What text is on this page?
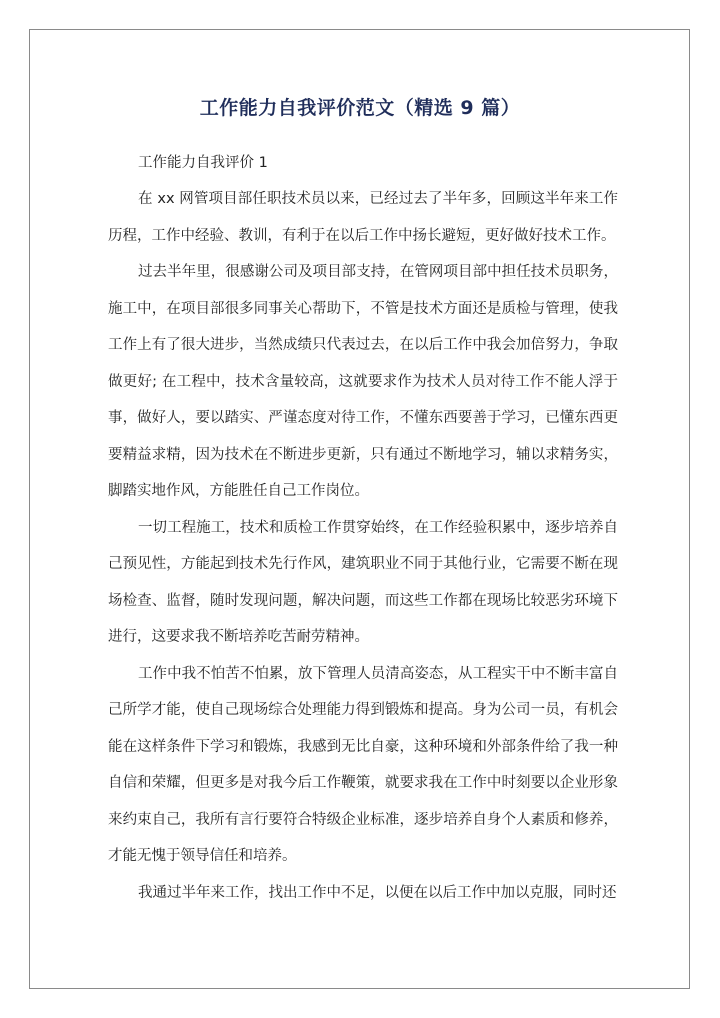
工作能力自我评价范文（精选 9 篇）

工作能力自我评价 1

在 xx 网管项目部任职技术员以来，已经过去了半年多，回顾这半年来工作历程，工作中经验、教训，有利于在以后工作中扬长避短，更好做好技术工作。

过去半年里，很感谢公司及项目部支持，在管网项目部中担任技术员职务，施工中，在项目部很多同事关心帮助下，不管是技术方面还是质检与管理，使我工作上有了很大进步，当然成绩只代表过去，在以后工作中我会加倍努力，争取做更好; 在工程中，技术含量较高，这就要求作为技术人员对待工作不能人浮于事，做好人，要以踏实、严谨态度对待工作，不懂东西要善于学习，已懂东西更要精益求精，因为技术在不断进步更新，只有通过不断地学习，辅以求精务实，脚踏实地作风，方能胜任自己工作岗位。

一切工程施工，技术和质检工作贯穿始终，在工作经验积累中，逐步培养自己预见性，方能起到技术先行作风，建筑职业不同于其他行业，它需要不断在现场检查、监督，随时发现问题，解决问题，而这些工作都在现场比较恶劣环境下进行，这要求我不断培养吃苦耐劳精神。

工作中我不怕苦不怕累，放下管理人员清高姿态，从工程实干中不断丰富自己所学才能，使自己现场综合处理能力得到锻炼和提高。身为公司一员，有机会能在这样条件下学习和锻炼，我感到无比自豪，这种环境和外部条件给了我一种自信和荣耀，但更多是对我今后工作鞭策，就要求我在工作中时刻要以企业形象来约束自己，我所有言行要符合特级企业标准，逐步培养自身个人素质和修养，才能无愧于领导信任和培养。

我通过半年来工作，找出工作中不足，以便在以后工作中加以克服，同时还
